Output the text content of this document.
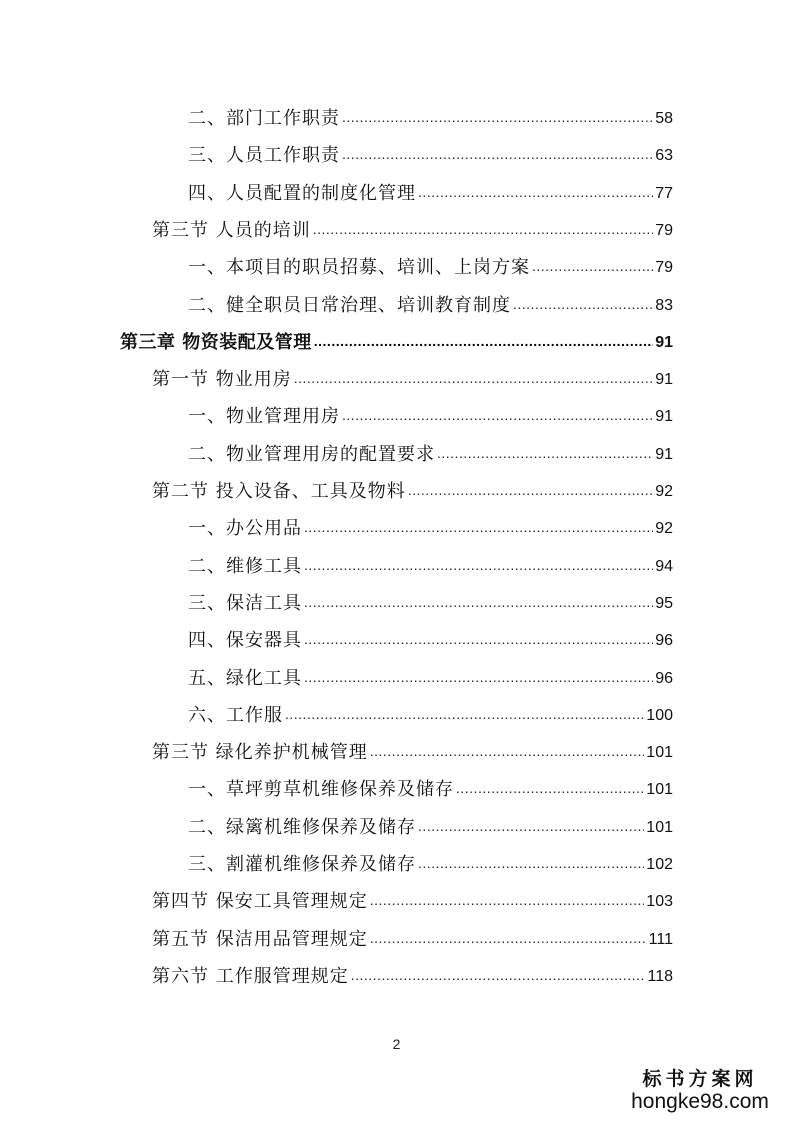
二、部门工作职责 .....	58
三、人员工作职责 .....	63
四、人员配置的制度化管理 .....	77
第三节 人员的培训 .....	79
一、本项目的职员招募、培训、上岗方案 .....	79
二、健全职员日常治理、培训教育制度 .....	83
第三章 物资装配及管理 .....	91
第一节 物业用房 .....	91
一、物业管理用房 .....	91
二、物业管理用房的配置要求 .....	91
第二节 投入设备、工具及物料 .....	92
一、办公用品 .....	92
二、维修工具 .....	94
三、保洁工具 .....	95
四、保安器具 .....	96
五、绿化工具 .....	96
六、工作服 .....	100
第三节 绿化养护机械管理 .....	101
一、草坪剪草机维修保养及储存 .....	101
二、绿篱机维修保养及储存 .....	101
三、割灌机维修保养及储存 .....	102
第四节 保安工具管理规定 .....	103
第五节 保洁用品管理规定 .....	111
第六节 工作服管理规定 .....	118
2
标书方案网
hongke98.com
